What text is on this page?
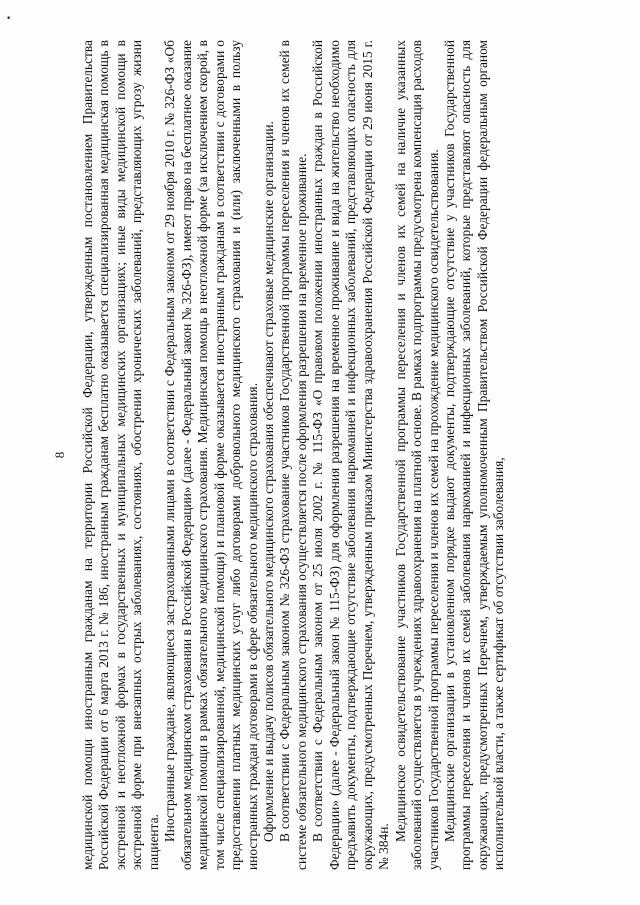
•
8 медицинской помощи иностранным гражданам на территории Российской Федерации, утвержденным постановлением Правительства Российской Федерации от 6 марта 2013 г. № 186, иностранным гражданам бесплатно оказывается специализированная медицинская помощь в экстренной и неотложной формах в государственных и муниципальных медицинских организациях; иные виды медицинской помощи в экстренной форме при внезапных острых заболеваниях, состояниях, обострении хронических заболеваний, представляющих угрозу жизни пациента.

Иностранные граждане, являющиеся застрахованными лицами в соответствии с Федеральным законом от 29 ноября 2010 г. № 326-ФЗ «Об обязательном медицинском страховании в Российской Федерации» (далее - Федеральный закон № 326-ФЗ), имеют право на бесплатное оказание медицинской помощи в рамках обязательного медицинского страхования. Медицинская помощь в неотложной форме (за исключением скорой, в том числе специализированной, медицинской помощи) и плановой форме оказывается иностранным гражданам в соответствии с договорами о предоставлении платных медицинских услуг либо договорами добровольного медицинского страхования и (или) заключенными в пользу иностранных граждан договорами в сфере обязательного медицинского страхования. Оформление и выдачу полисов обязательного медицинского страхования обеспечивают страховые медицинские организации. В соответствии с Федеральным законом № 326-ФЗ страхование участников Государственной программы переселения и членов их семей в системе обязательного медицинского страхования осуществляется после оформления разрешения на временное проживание. В соответствии с Федеральным законом от 25 июля 2002 г. № 115-ФЗ «О правовом положении иностранных граждан в Российской Федерации» (далее - Федеральный закон № 115-ФЗ) для оформления разрешения на временное проживание и вида на жительство необходимо предъявить документы, подтверждающие отсутствие заболевания наркоманией и инфекционных заболеваний, представляющих опасность для окружающих, предусмотренных Перечнем, утвержденным приказом Министерства здравоохранения Российской Федерации от 29 июня 2015 г. № 384н.

Медицинское освидетельствование участников Государственной программы переселения и членов их семей на наличие указанных заболеваний осуществляется в учреждениях здравоохранения на платной основе. В рамках подпрограммы предусмотрена компенсация расходов участников Государственной программы переселения и членов их семей на прохождение медицинского освидетельствования. Медицинские организации в установленном порядке выдают документы, подтверждающие отсутствие у участников Государственной программы переселения и членов их семей заболевания наркоманией и инфекционных заболеваний, которые представляют опасность для окружающих, предусмотренных Перечнем, утверждаемым уполномоченным Правительством Российской Федерации федеральным органом исполнительной власти, а также сертификат об отсутствии заболевания,
